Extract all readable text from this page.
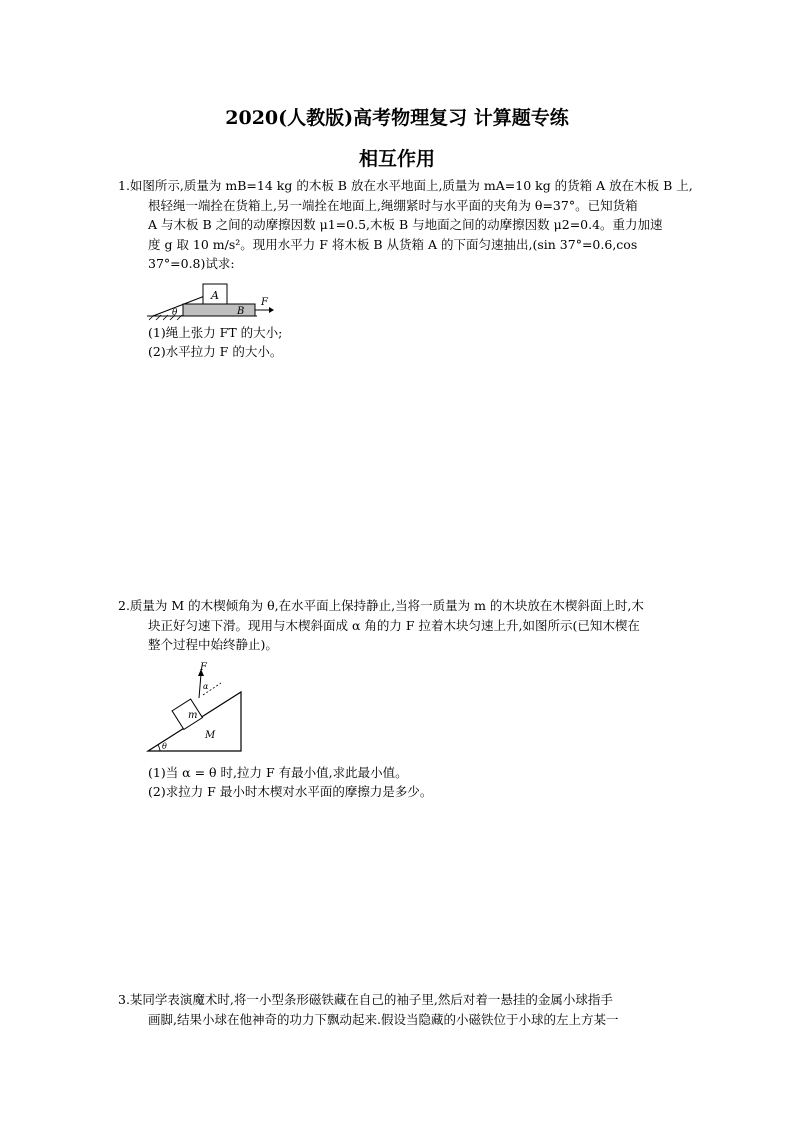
2020(人教版)高考物理复习 计算题专练
相互作用
1.如图所示,质量为 mB=14 kg 的木板 B 放在水平地面上,质量为 mA=10 kg 的货箱 A 放在木板 B 上,
根轻绳一端拴在货箱上,另一端拴在地面上,绳绷紧时与水平面的夹角为 θ=37°。已知货箱
A 与木板 B 之间的动摩擦因数 μ1=0.5,木板 B 与地面之间的动摩擦因数 μ2=0.4。重力加速
度 g 取 10 m/s²。现用水平力 F 将木板 B 从货箱 A 的下面匀速抽出,(sin 37°=0.6,cos
37°=0.8)试求:
A
B
θ
F
(1)绳上张力 FT 的大小;
(2)水平拉力 F 的大小。
2.质量为 M 的木楔倾角为 θ,在水平面上保持静止,当将一质量为 m 的木块放在木楔斜面上时,木
块正好匀速下滑。现用与木楔斜面成 α 角的力 F 拉着木块匀速上升,如图所示(已知木楔在
整个过程中始终静止)。
M
θ
m
F
α
(1)当 α = θ 时,拉力 F 有最小值,求此最小值。
(2)求拉力 F 最小时木楔对水平面的摩擦力是多少。
3.某同学表演魔术时,将一小型条形磁铁藏在自己的袖子里,然后对着一悬挂的金属小球指手
画脚,结果小球在他神奇的功力下飘动起来.假设当隐藏的小磁铁位于小球的左上方某一
